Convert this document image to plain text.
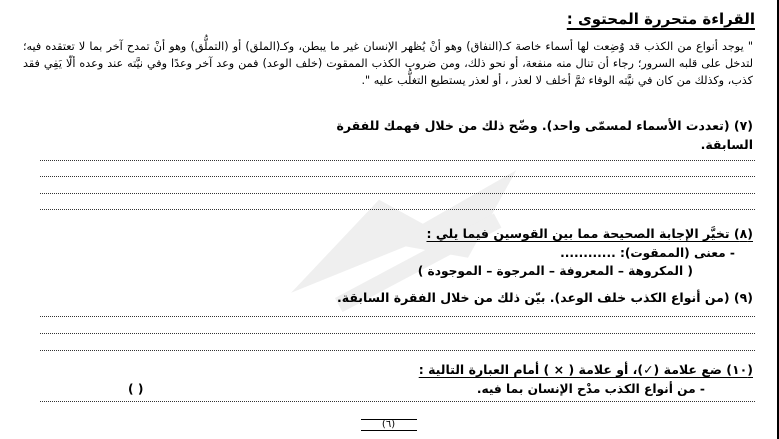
القراءة متحررة المحتوى :
" يوجد أنواع من الكذب قد وُضِعت لها أسماء خاصة كـ(النفاق) وهو أنْ يُظهر الإنسان غير ما يبطن، وكـ(الملق) أو (التملُّق) وهو أنْ تمدح آخر بما لا تعتقده فيه؛ لتدخل على قلبه السرور؛ رجاء أن تنال منه منفعة، أو نحو ذلك، ومن ضروب الكذب الممقوت (خلف الوعد) فمن وعد آخر وعدًا وفي نيَّته عند وعده ألّا يَفِي فقد كذب، وكذلك من كان في نيَّته الوفاء ثمَّ أخلف لا لعذر ، أو لعذر يستطيع التغلُّب عليه ".
(٧) (تعددت الأسماء لمسمّى واحد). وضّح ذلك من خلال فهمك للفقرة
السابقة.
(٨) تخيَّر الإجابة الصحيحة مما بين القوسين فيما يلي :
- معنى (الممقوت): ............
( المكروهة – المعروفة – المرجوة – الموجودة )
(٩) (من أنواع الكذب خلف الوعد). بيّن ذلك من خلال الفقرة السابقة.
(١٠) ضع علامة (✓)، أو علامة ( × ) أمام العبارة التالية :
- من أنواع الكذب مدْح الإنسان بما فيه.
( )
(٦)
